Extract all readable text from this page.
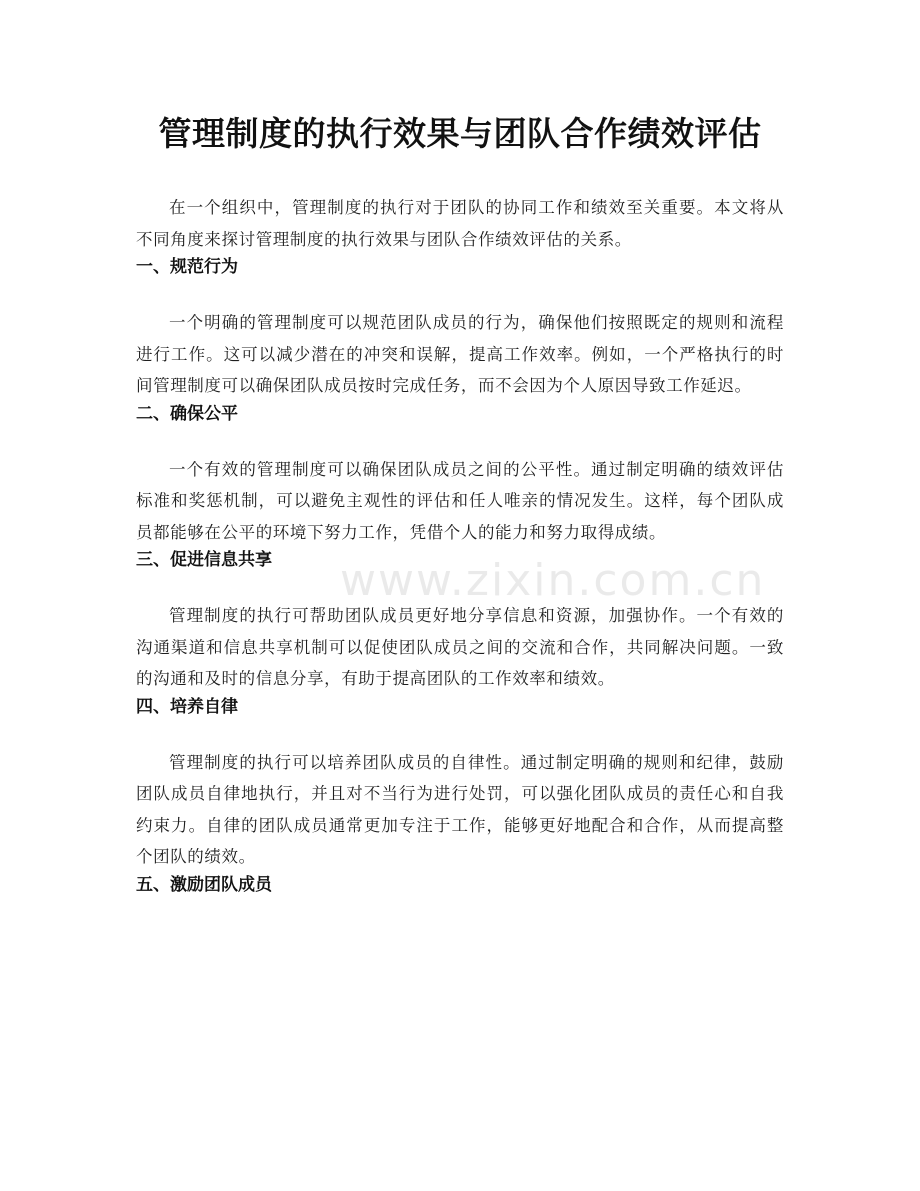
管理制度的执行效果与团队合作绩效评估

在一个组织中，管理制度的执行对于团队的协同工作和绩效至关重要。本文将从不同角度来探讨管理制度的执行效果与团队合作绩效评估的关系。

一、规范行为

一个明确的管理制度可以规范团队成员的行为，确保他们按照既定的规则和流程进行工作。这可以减少潜在的冲突和误解，提高工作效率。例如，一个严格执行的时间管理制度可以确保团队成员按时完成任务，而不会因为个人原因导致工作延迟。

二、确保公平

一个有效的管理制度可以确保团队成员之间的公平性。通过制定明确的绩效评估标准和奖惩机制，可以避免主观性的评估和任人唯亲的情况发生。这样，每个团队成员都能够在公平的环境下努力工作，凭借个人的能力和努力取得成绩。

三、促进信息共享

管理制度的执行可帮助团队成员更好地分享信息和资源，加强协作。一个有效的沟通渠道和信息共享机制可以促使团队成员之间的交流和合作，共同解决问题。一致的沟通和及时的信息分享，有助于提高团队的工作效率和绩效。

四、培养自律

管理制度的执行可以培养团队成员的自律性。通过制定明确的规则和纪律，鼓励团队成员自律地执行，并且对不当行为进行处罚，可以强化团队成员的责任心和自我约束力。自律的团队成员通常更加专注于工作，能够更好地配合和合作，从而提高整个团队的绩效。

五、激励团队成员
www.zixin.com.cn
